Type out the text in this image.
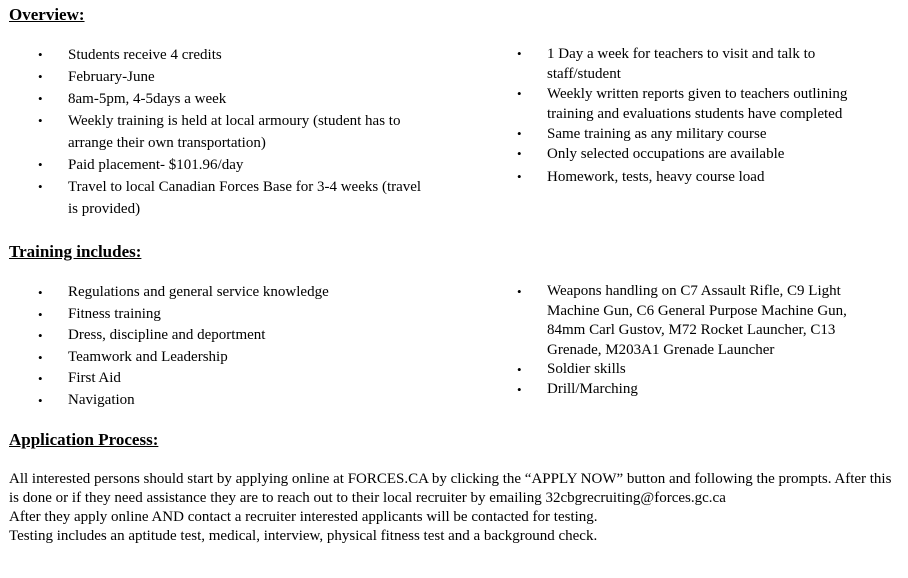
Overview:
• Students receive 4 credits
• February-June
• 8am-5pm, 4-5days a week
• Weekly training is held at local armoury (student has to arrange their own transportation)
• Paid placement- $101.96/day
• Travel to local Canadian Forces Base for 3-4 weeks (travel is provided)
• 1 Day a week for teachers to visit and talk to staff/student
• Weekly written reports given to teachers outlining training and evaluations students have completed
• Same training as any military course
• Only selected occupations are available
• Homework, tests, heavy course load
Training includes:
• Regulations and general service knowledge
• Fitness training
• Dress, discipline and deportment
• Teamwork and Leadership
• First Aid
• Navigation
• Weapons handling on C7 Assault Rifle, C9 Light Machine Gun, C6 General Purpose Machine Gun, 84mm Carl Gustov, M72 Rocket Launcher, C13 Grenade, M203A1 Grenade Launcher
• Soldier skills
• Drill/Marching
Application Process:

All interested persons should start by applying online at FORCES.CA by clicking the “APPLY NOW” button and following the prompts. After this is done or if they need assistance they are to reach out to their local recruiter by emailing 32cbgrecruiting@forces.gc.ca

After they apply online AND contact a recruiter interested applicants will be contacted for testing.

Testing includes an aptitude test, medical, interview, physical fitness test and a background check.
